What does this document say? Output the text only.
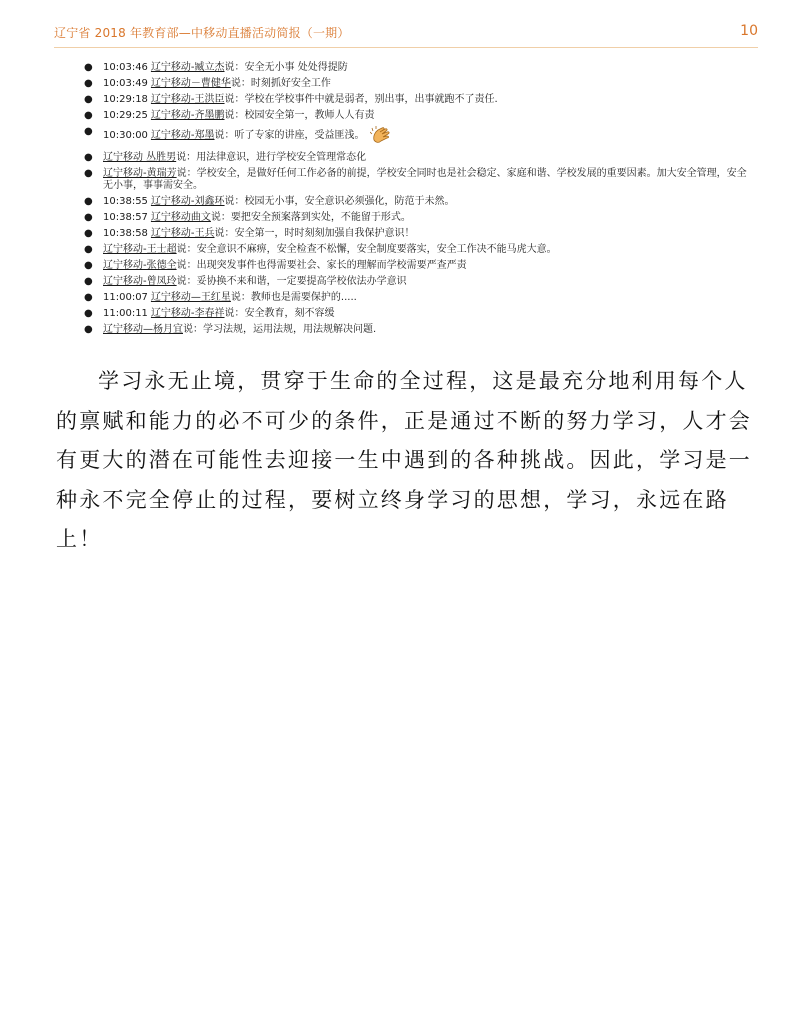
辽宁省 2018 年教育部—中移动直播活动简报（一期）	10
● 10:03:46 辽宁移动-臧立杰说：安全无小事 处处得提防
● 10:03:49 辽宁移动－曹健华说：时刻抓好安全工作
● 10:29:18 辽宁移动-王洪臣说：学校在学校事件中就是弱者，别出事，出事就跑不了责任.
● 10:29:25 辽宁移动-齐墨鹏说：校园安全第一，教师人人有责
● 10:30:00 辽宁移动-郑墨说：听了专家的讲座，受益匪浅。
● 辽宁移动 丛胜男说：用法律意识，进行学校安全管理常态化
● 辽宁移动-黄瑞芳说：学校安全，是做好任何工作必备的前提，学校安全同时也是社会稳定、家庭和谐、学校发展的重要因素。加大安全管理，安全无小事，事事需安全。
● 10:38:55 辽宁移动-刘鑫环说：校园无小事，安全意识必须强化，防范于未然。
● 10:38:57 辽宁移动曲文说：要把安全预案落到实处，不能留于形式。
● 10:38:58 辽宁移动-王兵说：安全第一，时时刻刻加强自我保护意识！
● 辽宁移动-王士超说：安全意识不麻痹，安全检查不松懈，安全制度要落实，安全工作决不能马虎大意。
● 辽宁移动-张德全说：出现突发事件也得需要社会、家长的理解而学校需要严查严责
● 辽宁移动-曾凤玲说：妥协换不来和谐，一定要提高学校依法办学意识
● 11:00:07 辽宁移动—王红星说：教师也是需要保护的.....
● 11:00:11 辽宁移动-李春祥说：安全教育，刻不容缓
● 辽宁移动—杨月宜说：学习法规，运用法规，用法规解决问题.

学习永无止境，贯穿于生命的全过程，这是最充分地利用每个人的禀赋和能力的必不可少的条件，正是通过不断的努力学习，人才会有更大的潜在可能性去迎接一生中遇到的各种挑战。因此，学习是一种永不完全停止的过程，要树立终身学习的思想，学习，永远在路上！
